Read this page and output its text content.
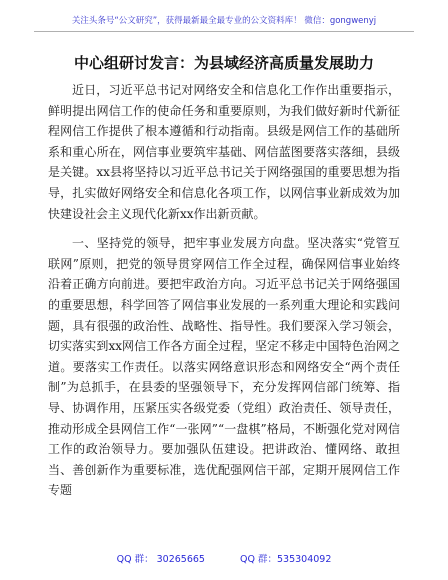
关注头条号“公文研究”，获得最新最全最专业的公文资料库！ 微信：gongwenyj
中心组研讨发言：为县域经济高质量发展助力

近日，习近平总书记对网络安全和信息化工作作出重要指示，鲜明提出网信工作的使命任务和重要原则，为我们做好新时代新征程网信工作提供了根本遵循和行动指南。县级是网信工作的基础所系和重心所在，网信事业要筑牢基础、网信蓝图要落实落细，县级是关键。xx县将坚持以习近平总书记关于网络强国的重要思想为指导，扎实做好网络安全和信息化各项工作，以网信事业新成效为加快建设社会主义现代化新xx作出新贡献。

一、坚持党的领导，把牢事业发展方向盘。坚决落实“党管互联网”原则，把党的领导贯穿网信工作全过程，确保网信事业始终沿着正确方向前进。要把牢政治方向。习近平总书记关于网络强国的重要思想，科学回答了网信事业发展的一系列重大理论和实践问题，具有很强的政治性、战略性、指导性。我们要深入学习领会，切实落实到xx网信工作各方面全过程，坚定不移走中国特色治网之道。要落实工作责任。以落实网络意识形态和网络安全“两个责任制”为总抓手，在县委的坚强领导下，充分发挥网信部门统筹、指导、协调作用，压紧压实各级党委（党组）政治责任、领导责任，推动形成全县网信工作“一张网”“一盘棋”格局，不断强化党对网信工作的政治领导力。要加强队伍建设。把讲政治、懂网络、敢担当、善创新作为重要标准，选优配强网信干部，定期开展网信工作专题

QQ 群： 30265665	QQ 群：535304092
